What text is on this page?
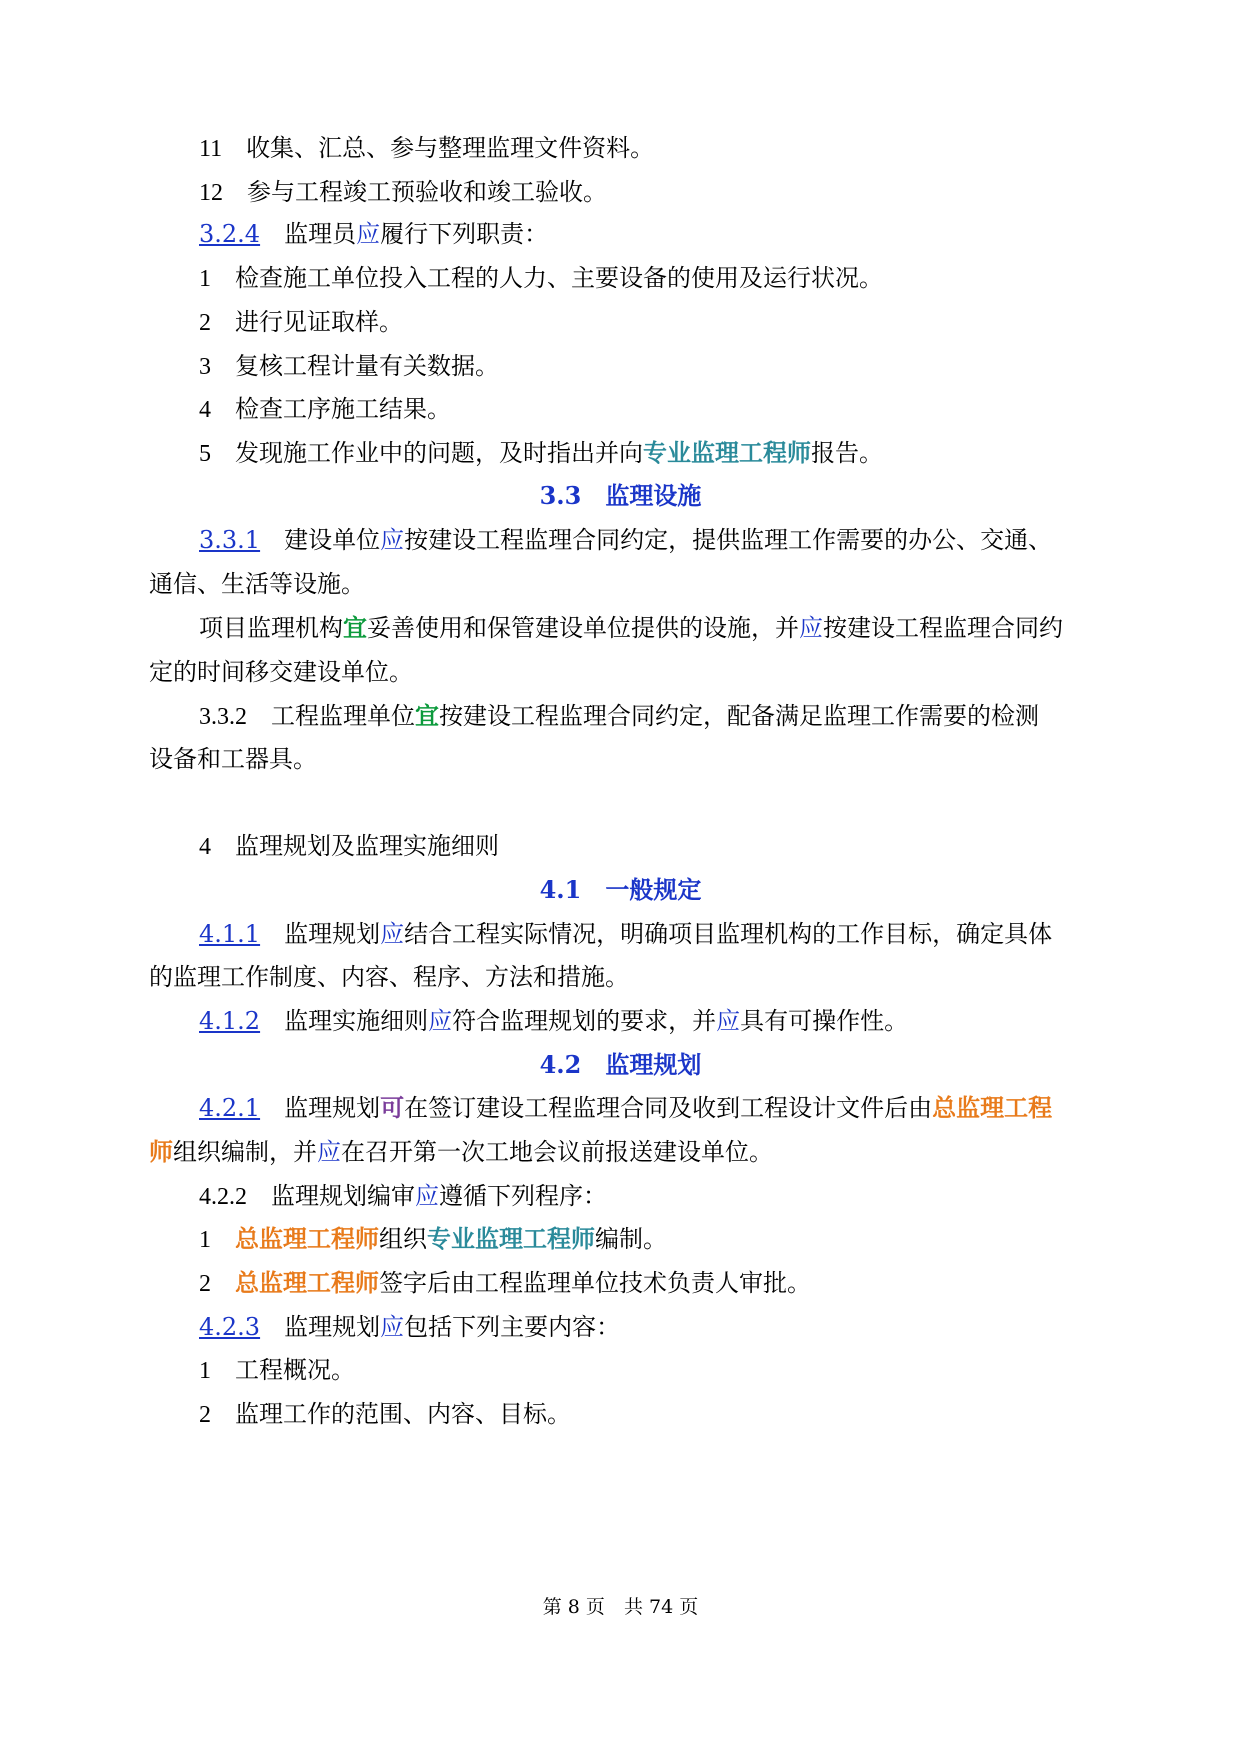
11　 收集、汇总、参与整理监理文件资料。
12　 参与工程竣工预验收和竣工验收。
3.2.4　 监理员应履行下列职责：
1　 检查施工单位投入工程的人力、主要设备的使用及运行状况。
2　 进行见证取样。
3　 复核工程计量有关数据。
4　 检查工序施工结果。
5　 发现施工作业中的问题，及时指出并向专业监理工程师报告。
3.3　监理设施
3.3.1　 建设单位应按建设工程监理合同约定，提供监理工作需要的办公、交通、
通信、生活等设施。
项目监理机构宜妥善使用和保管建设单位提供的设施，并应按建设工程监理合同约
定的时间移交建设单位。
3.3.2　 工程监理单位宜按建设工程监理合同约定，配备满足监理工作需要的检测
设备和工器具。
4　 监理规划及监理实施细则
4.1　一般规定
4.1.1　 监理规划应结合工程实际情况，明确项目监理机构的工作目标，确定具体
的监理工作制度、内容、程序、方法和措施。
4.1.2　 监理实施细则应符合监理规划的要求，并应具有可操作性。
4.2　监理规划
4.2.1　 监理规划可在签订建设工程监理合同及收到工程设计文件后由总监理工程
师组织编制，并应在召开第一次工地会议前报送建设单位。
4.2.2　 监理规划编审应遵循下列程序：
1　 总监理工程师组织专业监理工程师编制。
2　 总监理工程师签字后由工程监理单位技术负责人审批。
4.2.3　 监理规划应包括下列主要内容：
1　 工程概况。
2　 监理工作的范围、内容、目标。
第 8 页　 共 74 页
